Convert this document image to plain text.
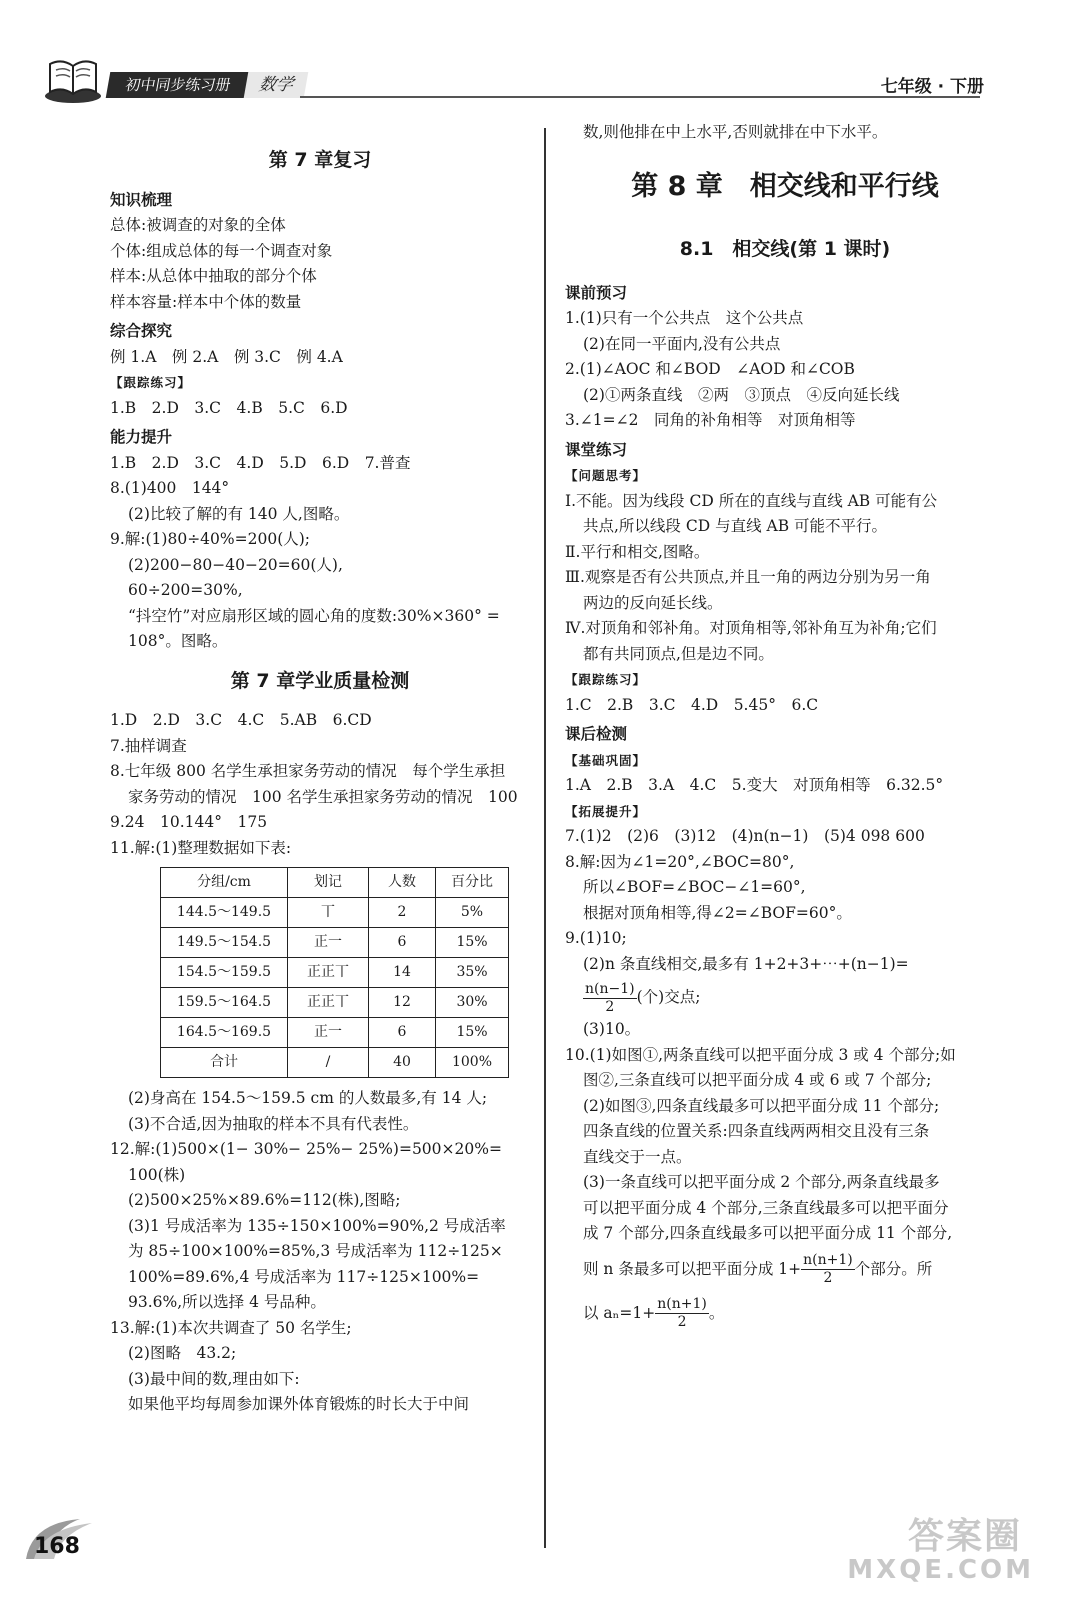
初中同步练习册	数学	七年级 · 下册

第 7 章复习

知识梳理

总体:被调查的对象的全体

个体:组成总体的每一个调查对象

样本:从总体中抽取的部分个体

样本容量:样本中个体的数量

综合探究

例 1.A　例 2.A　例 3.C　例 4.A

【跟踪练习】

1.B　2.D　3.C　4.B　5.C　6.D

能力提升

1.B　2.D　3.C　4.D　5.D　6.D　7.普查

8.(1)400　144°

(2)比较了解的有 140 人,图略。

9.解:(1)80÷40%=200(人);

(2)200−80−40−20=60(人),

60÷200=30%,

“抖空竹”对应扇形区域的圆心角的度数:30%×360° =

108°。图略。

第 7 章学业质量检测

1.D　2.D　3.C　4.C　5.AB　6.CD

7.抽样调查

8.七年级 800 名学生承担家务劳动的情况　每个学生承担

家务劳动的情况　100 名学生承担家务劳动的情况　100

9.24　10.144°　175

11.解:(1)整理数据如下表:

分组/cm	划记	人数	百分比
144.5～149.5	丅	2	5%
149.5～154.5	正一	6	15%
154.5～159.5	正正丅	14	35%
159.5～164.5	正正丅	12	30%
164.5～169.5	正一	6	15%
合计	/	40	100%

(2)身高在 154.5～159.5 cm 的人数最多,有 14 人;

(3)不合适,因为抽取的样本不具有代表性。

12.解:(1)500×(1− 30%− 25%− 25%)=500×20%=

100(株)

(2)500×25%×89.6%=112(株),图略;

(3)1 号成活率为 135÷150×100%=90%,2 号成活率

为 85÷100×100%=85%,3 号成活率为 112÷125×

100%=89.6%,4 号成活率为 117÷125×100%=

93.6%,所以选择 4 号品种。

13.解:(1)本次共调查了 50 名学生;

(2)图略　43.2;

(3)最中间的数,理由如下:

如果他平均每周参加课外体育锻炼的时长大于中间

数,则他排在中上水平,否则就排在中下水平。

第 8 章　相交线和平行线

8.1　相交线(第 1 课时)

课前预习

1.(1)只有一个公共点　这个公共点

(2)在同一平面内,没有公共点

2.(1)∠AOC 和∠BOD　∠AOD 和∠COB

(2)①两条直线　②两　③顶点　④反向延长线

3.∠1=∠2　同角的补角相等　对顶角相等

课堂练习

【问题思考】

Ⅰ.不能。因为线段 CD 所在的直线与直线 AB 可能有公

共点,所以线段 CD 与直线 AB 可能不平行。

Ⅱ.平行和相交,图略。

Ⅲ.观察是否有公共顶点,并且一角的两边分别为另一角

两边的反向延长线。

Ⅳ.对顶角和邻补角。对顶角相等,邻补角互为补角;它们

都有共同顶点,但是边不同。

【跟踪练习】

1.C　2.B　3.C　4.D　5.45°　6.C

课后检测

【基础巩固】

1.A　2.B　3.A　4.C　5.变大　对顶角相等　6.32.5°

【拓展提升】

7.(1)2　(2)6　(3)12　(4)n(n−1)　(5)4 098 600

8.解:因为∠1=20°,∠BOC=80°,

所以∠BOF=∠BOC−∠1=60°,

根据对顶角相等,得∠2=∠BOF=60°。

9.(1)10;

(2)n 条直线相交,最多有 1+2+3+⋯+(n−1)=

$\frac{n(n-1)}{2}$ (个)交点;

(3)10。

10.(1)如图①,两条直线可以把平面分成 3 或 4 个部分;如

图②,三条直线可以把平面分成 4 或 6 或 7 个部分;

(2)如图③,四条直线最多可以把平面分成 11 个部分;

四条直线的位置关系:四条直线两两相交且没有三条

直线交于一点。

(3)一条直线可以把平面分成 2 个部分,两条直线最多

可以把平面分成 4 个部分,三条直线最多可以把平面分

成 7 个部分,四条直线最多可以把平面分成 11 个部分,

则 n 条最多可以把平面分成 $1+ \frac{n(n+1)}{2}$ 个部分。所

以 $a_n=1+ \frac{n(n+1)}{2}$ 。

168	答案圈
MXQE.COM
